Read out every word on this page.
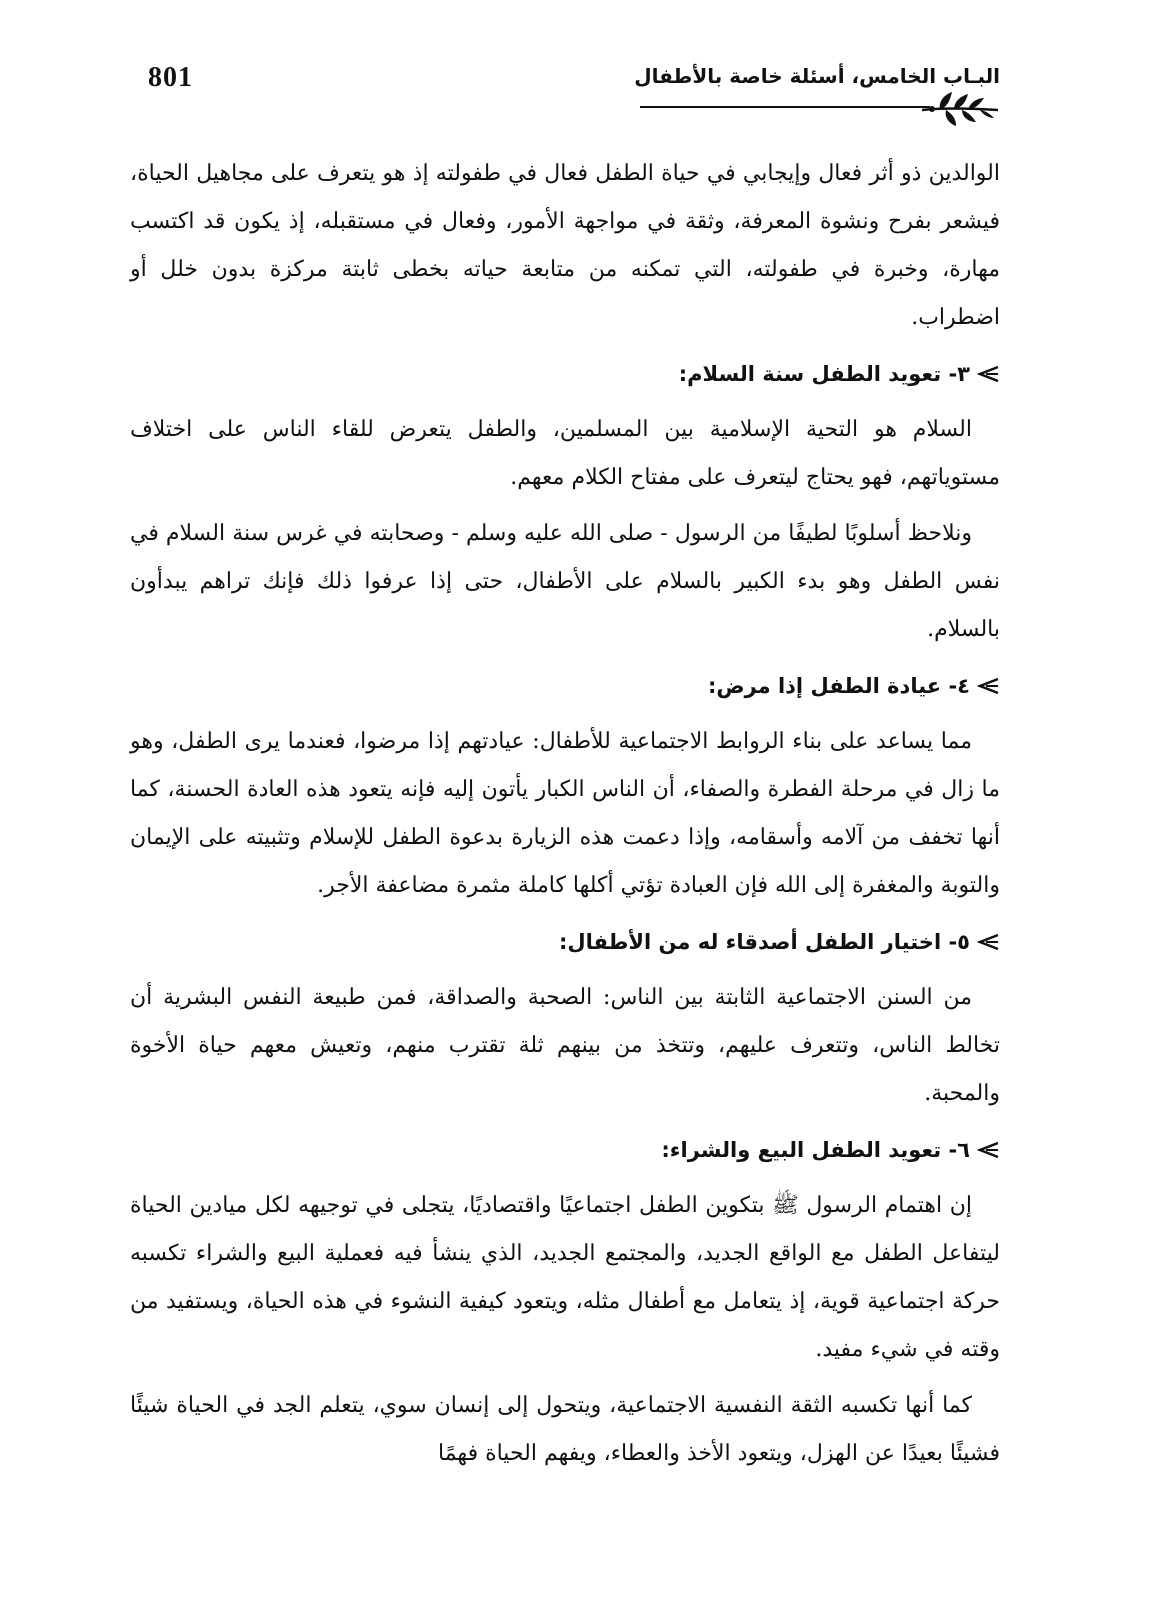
801	البـاب الخامس، أسئلة خاصة بالأطفال

الوالدين ذو أثر فعال وإيجابي في حياة الطفل فعال في طفولته إذ هو يتعرف على مجاهيل الحياة، فيشعر بفرح ونشوة المعرفة، وثقة في مواجهة الأمور، وفعال في مستقبله، إذ يكون قد اكتسب مهارة، وخبرة في طفولته، التي تمكنه من متابعة حياته بخطى ثابتة مركزة بدون خلل أو اضطراب.

٣- تعويد الطفل سنة السلام:

السلام هو التحية الإسلامية بين المسلمين، والطفل يتعرض للقاء الناس على اختلاف مستوياتهم، فهو يحتاج ليتعرف على مفتاح الكلام معهم.

ونلاحظ أسلوبًا لطيفًا من الرسول - صلى الله عليه وسلم - وصحابته في غرس سنة السلام في نفس الطفل وهو بدء الكبير بالسلام على الأطفال، حتى إذا عرفوا ذلك فإنك تراهم يبدأون بالسلام.

٤- عيادة الطفل إذا مرض:

مما يساعد على بناء الروابط الاجتماعية للأطفال: عيادتهم إذا مرضوا، فعندما يرى الطفل، وهو ما زال في مرحلة الفطرة والصفاء، أن الناس الكبار يأتون إليه فإنه يتعود هذه العادة الحسنة، كما أنها تخفف من آلامه وأسقامه، وإذا دعمت هذه الزيارة بدعوة الطفل للإسلام وتثبيته على الإيمان والتوبة والمغفرة إلى الله فإن العبادة تؤتي أكلها كاملة مثمرة مضاعفة الأجر.

٥- اختيار الطفل أصدقاء له من الأطفال:

من السنن الاجتماعية الثابتة بين الناس: الصحبة والصداقة، فمن طبيعة النفس البشرية أن تخالط الناس، وتتعرف عليهم، وتتخذ من بينهم ثلة تقترب منهم، وتعيش معهم حياة الأخوة والمحبة.

٦- تعويد الطفل البيع والشراء:

إن اهتمام الرسول ﷺ بتكوين الطفل اجتماعيًا واقتصاديًا، يتجلى في توجيهه لكل ميادين الحياة ليتفاعل الطفل مع الواقع الجديد، والمجتمع الجديد، الذي ينشأ فيه فعملية البيع والشراء تكسبه حركة اجتماعية قوية، إذ يتعامل مع أطفال مثله، ويتعود كيفية النشوء في هذه الحياة، ويستفيد من وقته في شيء مفيد.

كما أنها تكسبه الثقة النفسية الاجتماعية، ويتحول إلى إنسان سوي، يتعلم الجد في الحياة شيئًا فشيئًا بعيدًا عن الهزل، ويتعود الأخذ والعطاء، ويفهم الحياة فهمًا
